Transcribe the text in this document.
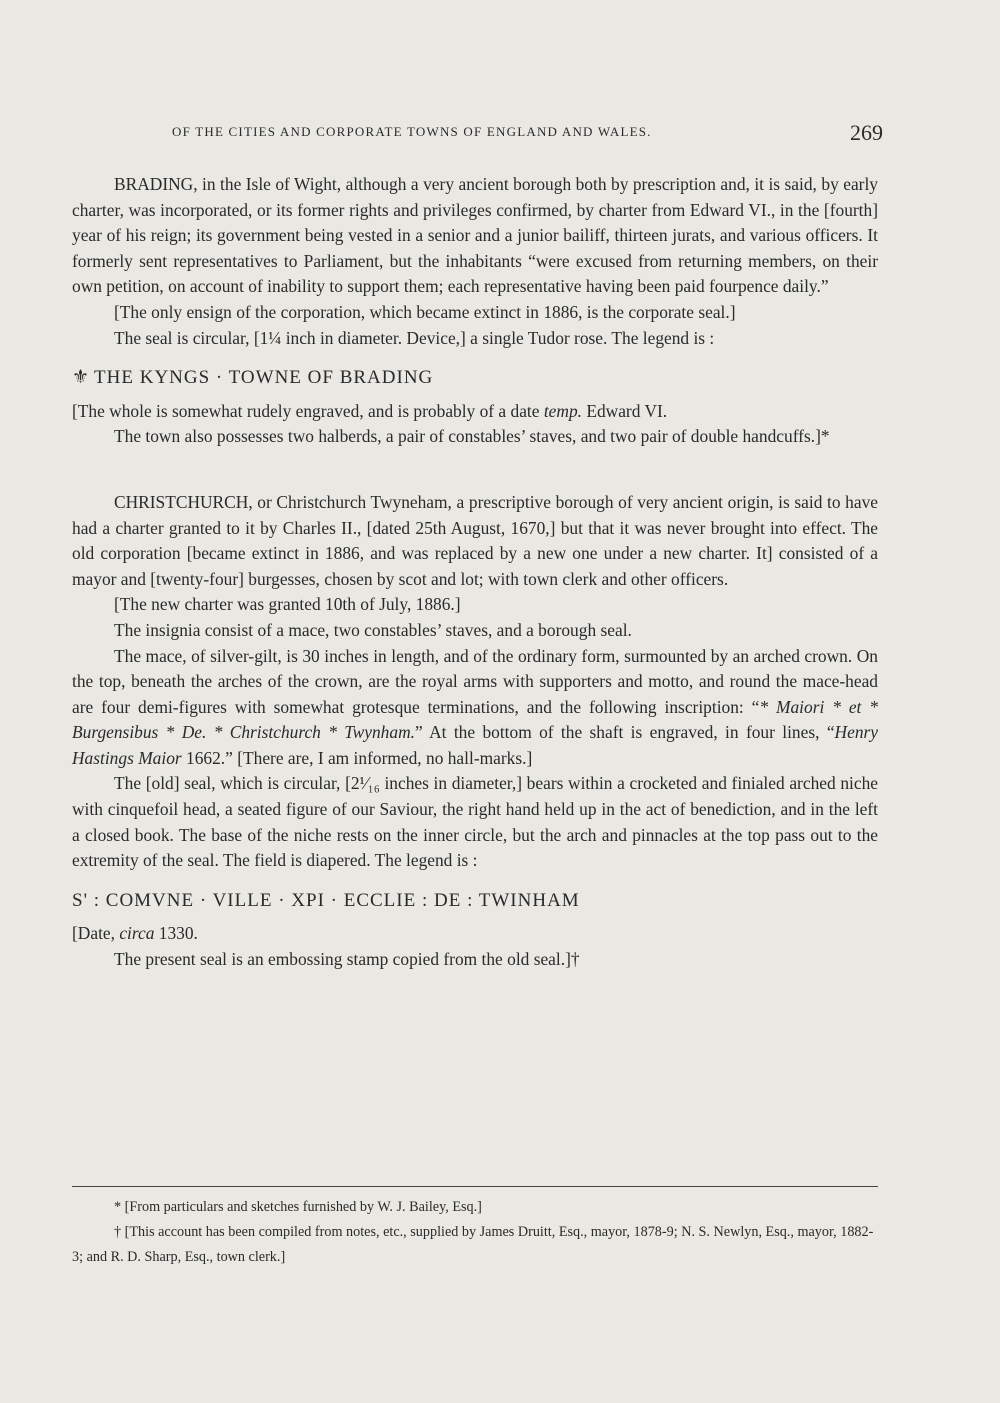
OF THE CITIES AND CORPORATE TOWNS OF ENGLAND AND WALES.	269

BRADING, in the Isle of Wight, although a very ancient borough both by prescription and, it is said, by early charter, was incorporated, or its former rights and privileges confirmed, by charter from Edward VI., in the [fourth] year of his reign; its government being vested in a senior and a junior bailiff, thirteen jurats, and various officers. It formerly sent representatives to Parliament, but the inhabitants “were excused from returning members, on their own petition, on account of inability to support them; each representative having been paid fourpence daily.”

[The only ensign of the corporation, which became extinct in 1886, is the corporate seal.]

The seal is circular, [1¼ inch in diameter. Device,] a single Tudor rose. The legend is :

⚜ THE KYNGS · TOWNE OF BRADING

[The whole is somewhat rudely engraved, and is probably of a date temp. Edward VI.

The town also possesses two halberds, a pair of constables’ staves, and two pair of double handcuffs.]*

CHRISTCHURCH, or Christchurch Twyneham, a prescriptive borough of very ancient origin, is said to have had a charter granted to it by Charles II., [dated 25th August, 1670,] but that it was never brought into effect. The old corporation [became extinct in 1886, and was replaced by a new one under a new charter. It] consisted of a mayor and [twenty-four] burgesses, chosen by scot and lot; with town clerk and other officers.

[The new charter was granted 10th of July, 1886.]

The insignia consist of a mace, two constables’ staves, and a borough seal.

The mace, of silver-gilt, is 30 inches in length, and of the ordinary form, surmounted by an arched crown. On the top, beneath the arches of the crown, are the royal arms with supporters and motto, and round the mace-head are four demi-figures with somewhat grotesque terminations, and the following inscription: “* Maiori * et * Burgensibus * De. * Christchurch * Twynham.” At the bottom of the shaft is engraved, in four lines, “Henry Hastings Maior 1662.” [There are, I am informed, no hall-marks.]

The [old] seal, which is circular, [2¹⁄₁₆ inches in diameter,] bears within a crocketed and finialed arched niche with cinquefoil head, a seated figure of our Saviour, the right hand held up in the act of benediction, and in the left a closed book. The base of the niche rests on the inner circle, but the arch and pinnacles at the top pass out to the extremity of the seal. The field is diapered. The legend is :

S' : COMVNE · VILLE · XPI · ECCLIE : DE : TWINHAM

[Date, circa 1330.

The present seal is an embossing stamp copied from the old seal.]†

* [From particulars and sketches furnished by W. J. Bailey, Esq.]

† [This account has been compiled from notes, etc., supplied by James Druitt, Esq., mayor, 1878-9; N. S. Newlyn, Esq., mayor, 1882-3; and R. D. Sharp, Esq., town clerk.]
